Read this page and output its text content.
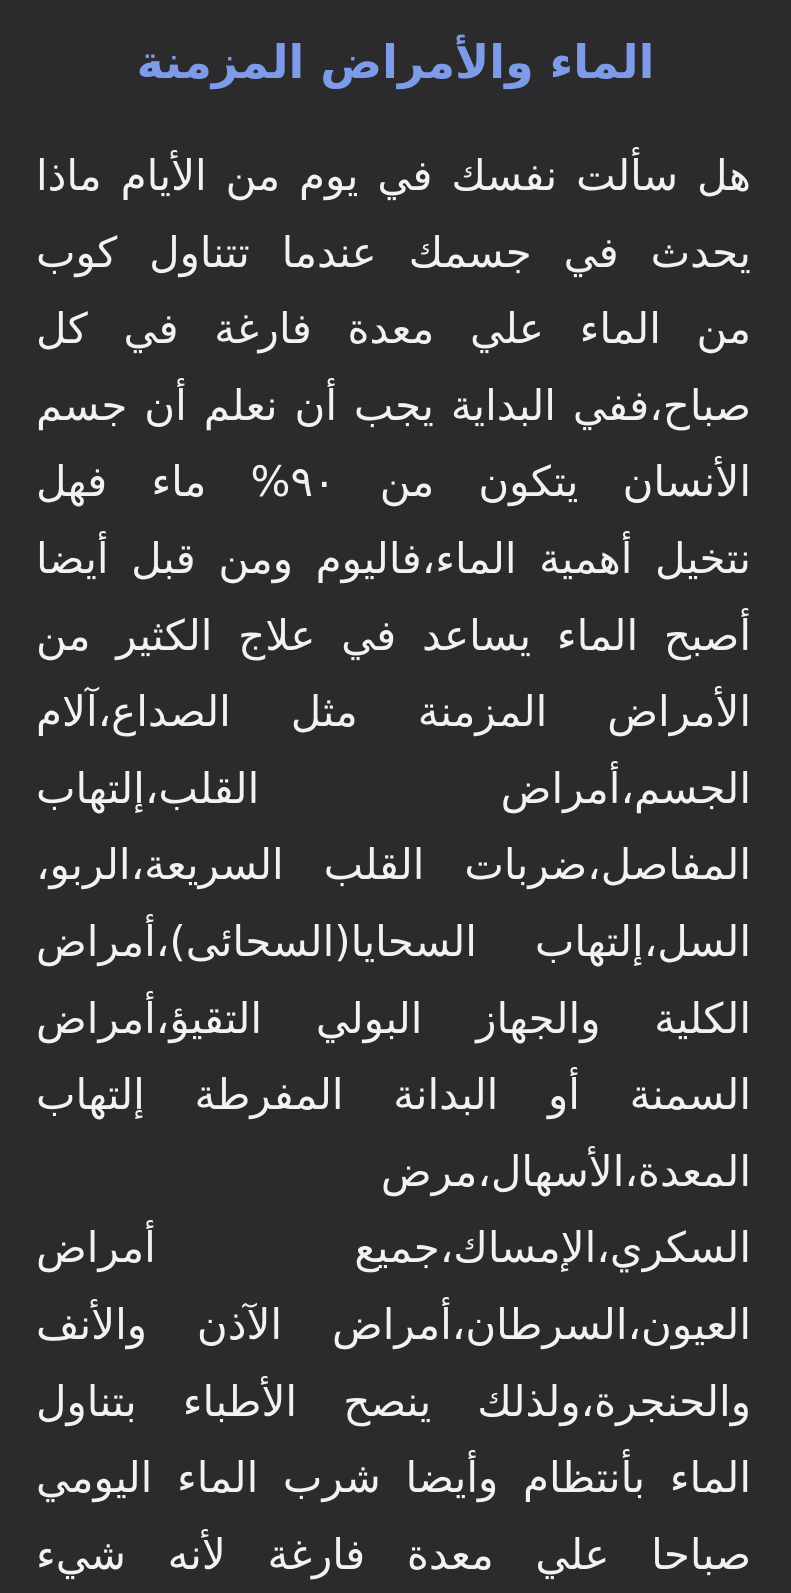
الماء والأمراض المزمنة
هل سألت نفسك في يوم من الأيام ماذا
يحدث في جسمك عندما تتناول كوب
من الماء علي معدة فارغة في كل
صباح،ففي البداية يجب أن نعلم أن جسم
الأنسان يتكون من ٩٠% ماء فهل
نتخيل أهمية الماء،فاليوم ومن قبل أيضا
أصبح الماء يساعد في علاج الكثير من
الأمراض المزمنة مثل الصداع،آلام
الجسم،أمراض القلب،إلتهاب
المفاصل،ضربات القلب السريعة،الربو،
السل،إلتهاب السحايا(السحائى)،أمراض
الكلية والجهاز البولي التقيؤ،أمراض
السمنة أو البدانة المفرطة إلتهاب
المعدة،الأسهال،مرض
السكري،الإمساك،جميع أمراض
العيون،السرطان،أمراض الآذن والأنف
والحنجرة،ولذلك ينصح الأطباء بتناول
الماء بأنتظام وأيضا شرب الماء اليومي
صباحا علي معدة فارغة لأنه شيء
